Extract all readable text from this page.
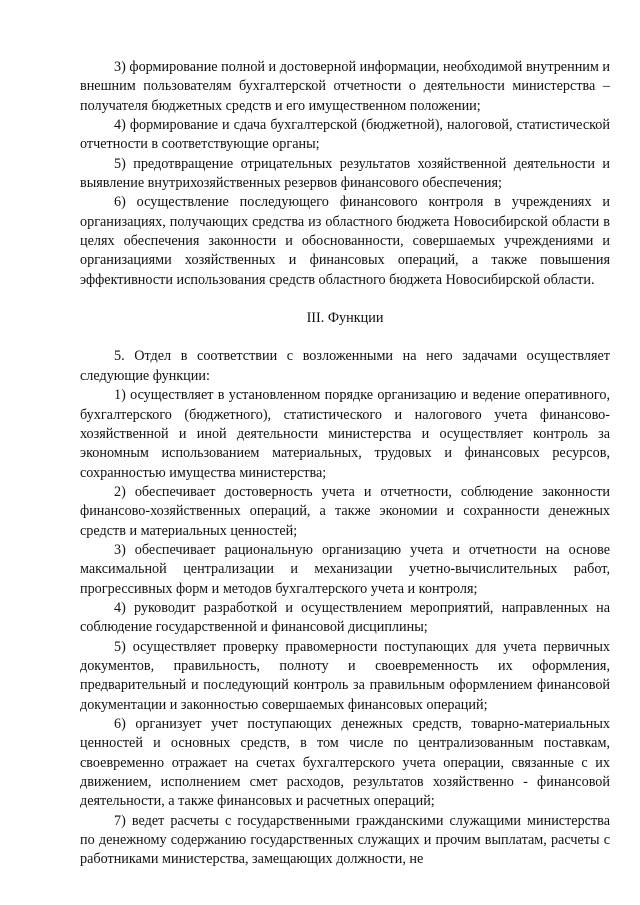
3) формирование полной и достоверной информации, необходимой внутренним и внешним пользователям бухгалтерской отчетности о деятельности министерства – получателя бюджетных средств и его имущественном положении;

4) формирование и сдача бухгалтерской (бюджетной), налоговой, статистической отчетности в соответствующие органы;

5) предотвращение отрицательных результатов хозяйственной деятельности и выявление внутрихозяйственных резервов финансового обеспечения;

6) осуществление последующего финансового контроля в учреждениях и организациях, получающих средства из областного бюджета Новосибирской области в целях обеспечения законности и обоснованности, совершаемых учреждениями и организациями хозяйственных и финансовых операций, а также повышения эффективности использования средств областного бюджета Новосибирской области.

III. Функции

5. Отдел в соответствии с возложенными на него задачами осуществляет следующие функции:

1) осуществляет в установленном порядке организацию и ведение оперативного, бухгалтерского (бюджетного), статистического и налогового учета финансово-хозяйственной и иной деятельности министерства и осуществляет контроль за экономным использованием материальных, трудовых и финансовых ресурсов, сохранностью имущества министерства;

2) обеспечивает достоверность учета и отчетности, соблюдение законности финансово-хозяйственных операций, а также экономии и сохранности денежных средств и материальных ценностей;

3) обеспечивает рациональную организацию учета и отчетности на основе максимальной централизации и механизации учетно-вычислительных работ, прогрессивных форм и методов бухгалтерского учета и контроля;

4) руководит разработкой и осуществлением мероприятий, направленных на соблюдение государственной и финансовой дисциплины;

5) осуществляет проверку правомерности поступающих для учета первичных документов, правильность, полноту и своевременность их оформления, предварительный и последующий контроль за правильным оформлением финансовой документации и законностью совершаемых финансовых операций;

6) организует учет поступающих денежных средств, товарно-материальных ценностей и основных средств, в том числе по централизованным поставкам, своевременно отражает на счетах бухгалтерского учета операции, связанные с их движением, исполнением смет расходов, результатов хозяйственно - финансовой деятельности, а также финансовых и расчетных операций;

7) ведет расчеты с государственными гражданскими служащими министерства по денежному содержанию государственных служащих и прочим выплатам, расчеты с работниками министерства, замещающих должности, не
